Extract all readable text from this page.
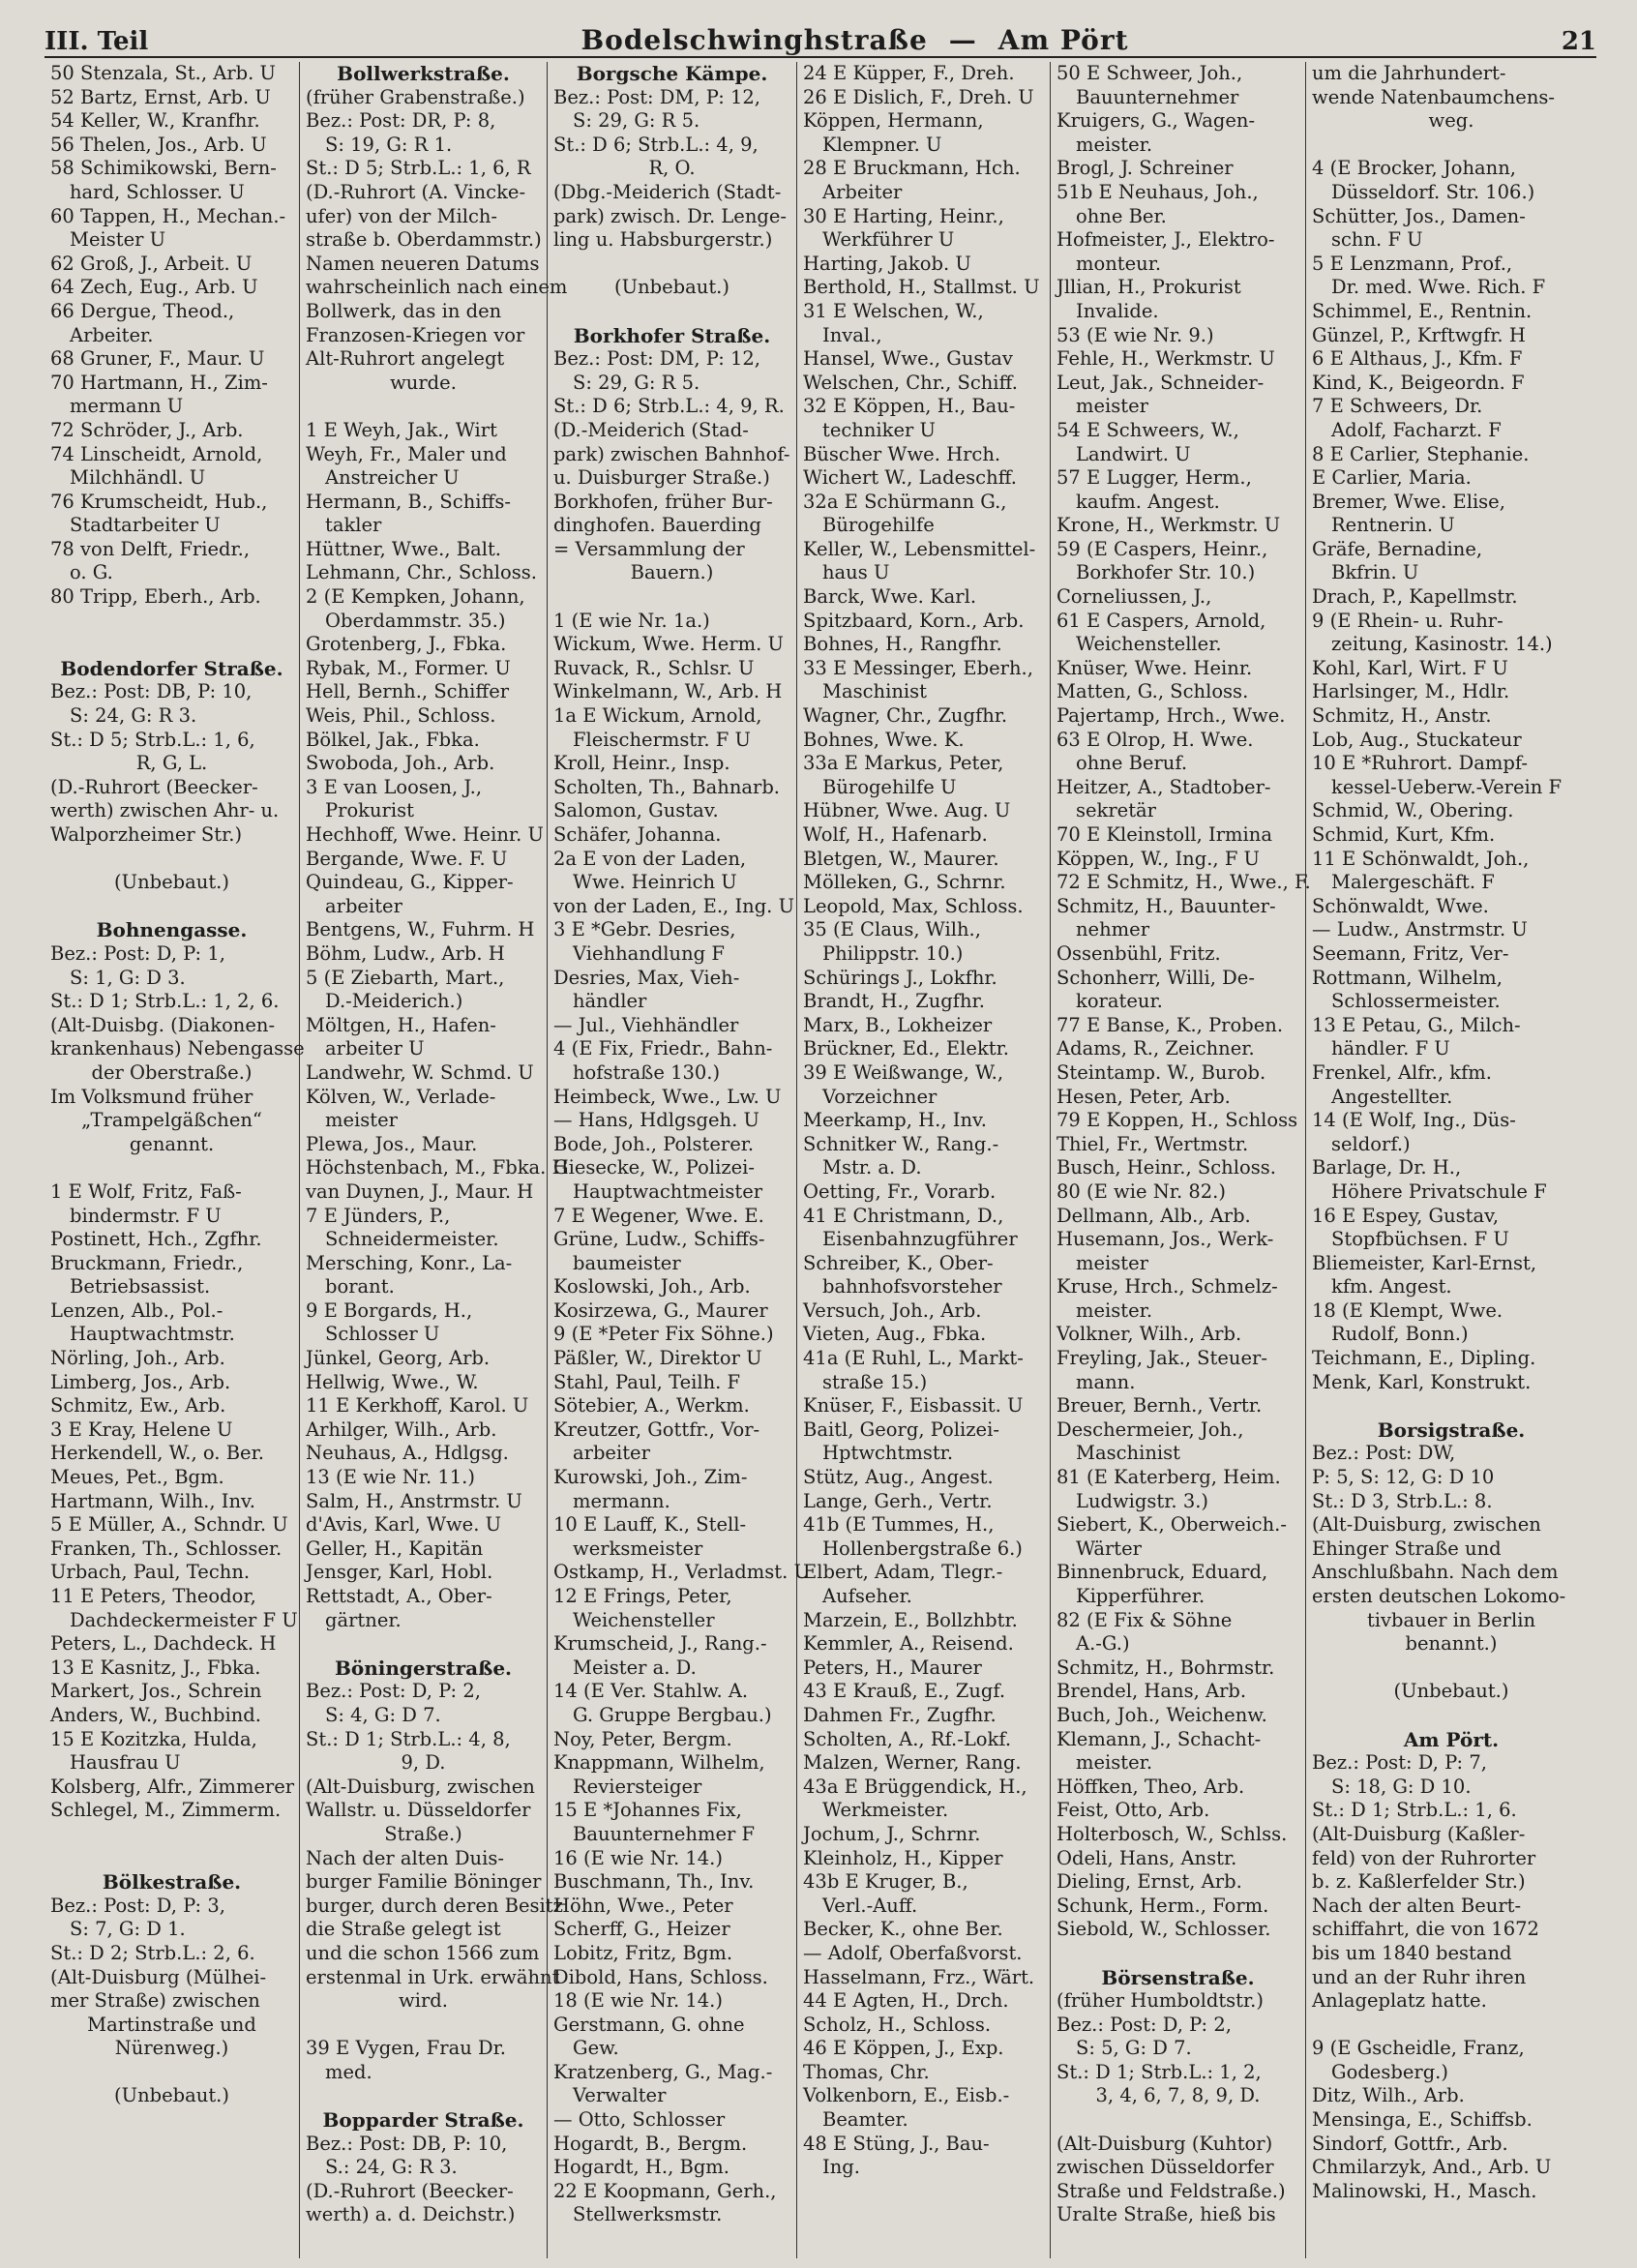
III. Teil	Bodelschwinghstraße — Am Pört	21
50 Stenzala, St., Arb. U
52 Bartz, Ernst, Arb. U
54 Keller, W., Kranfhr.
56 Thelen, Jos., Arb. U
58 Schimikowski, Bern-
hard, Schlosser. U
60 Tappen, H., Mechan.-
Meister U
62 Groß, J., Arbeit. U
64 Zech, Eug., Arb. U
66 Dergue, Theod.,
Arbeiter.
68 Gruner, F., Maur. U
70 Hartmann, H., Zim-
mermann U
72 Schröder, J., Arb.
74 Linscheidt, Arnold,
Milchhändl. U
76 Krumscheidt, Hub.,
Stadtarbeiter U
78 von Delft, Friedr.,
o. G.
80 Tripp, Eberh., Arb.
Bodendorfer Straße.
Bez.: Post: DB, P: 10,
S: 24, G: R 3.
St.: D 5; Strb.L.: 1, 6,
R, G, L.
(D.-Ruhrort (Beecker-
werth) zwischen Ahr- u.
Walporzheimer Str.)
(Unbebaut.)
Bohnengasse.
Bez.: Post: D, P: 1,
S: 1, G: D 3.
St.: D 1; Strb.L.: 1, 2, 6.
(Alt-Duisbg. (Diakonen-
krankenhaus) Nebengasse
der Oberstraße.)
Im Volksmund früher
„Trampelgäßchen“
genannt.
1 E Wolf, Fritz, Faß-
bindermstr. F U
Postinett, Hch., Zgfhr.
Bruckmann, Friedr.,
Betriebsassist.
Lenzen, Alb., Pol.-
Hauptwachtmstr.
Nörling, Joh., Arb.
Limberg, Jos., Arb.
Schmitz, Ew., Arb.
3 E Kray, Helene U
Herkendell, W., o. Ber.
Meues, Pet., Bgm.
Hartmann, Wilh., Inv.
5 E Müller, A., Schndr. U
Franken, Th., Schlosser.
Urbach, Paul, Techn.
11 E Peters, Theodor,
Dachdeckermeister F U
Peters, L., Dachdeck. H
13 E Kasnitz, J., Fbka.
Markert, Jos., Schrein
Anders, W., Buchbind.
15 E Kozitzka, Hulda,
Hausfrau U
Kolsberg, Alfr., Zimmerer
Schlegel, M., Zimmerm.
Bölkestraße.
Bez.: Post: D, P: 3,
S: 7, G: D 1.
St.: D 2; Strb.L.: 2, 6.
(Alt-Duisburg (Mülhei-
mer Straße) zwischen
Martinstraße und
Nürenweg.)
(Unbebaut.)
Bollwerkstraße.
(früher Grabenstraße.)
Bez.: Post: DR, P: 8,
S: 19, G: R 1.
St.: D 5; Strb.L.: 1, 6, R
(D.-Ruhrort (A. Vincke-
ufer) von der Milch-
straße b. Oberdammstr.)
Namen neueren Datums
wahrscheinlich nach einem
Bollwerk, das in den
Franzosen-Kriegen vor
Alt-Ruhrort angelegt
wurde.
1 E Weyh, Jak., Wirt
Weyh, Fr., Maler und
Anstreicher U
Hermann, B., Schiffs-
takler
Hüttner, Wwe., Balt.
Lehmann, Chr., Schloss.
2 (E Kempken, Johann,
Oberdammstr. 35.)
Grotenberg, J., Fbka.
Rybak, M., Former. U
Hell, Bernh., Schiffer
Weis, Phil., Schloss.
Bölkel, Jak., Fbka.
Swoboda, Joh., Arb.
3 E van Loosen, J.,
Prokurist
Hechhoff, Wwe. Heinr. U
Bergande, Wwe. F. U
Quindeau, G., Kipper-
arbeiter
Bentgens, W., Fuhrm. H
Böhm, Ludw., Arb. H
5 (E Ziebarth, Mart.,
D.-Meiderich.)
Möltgen, H., Hafen-
arbeiter U
Landwehr, W. Schmd. U
Kölven, W., Verlade-
meister
Plewa, Jos., Maur.
Höchstenbach, M., Fbka. H
van Duynen, J., Maur. H
7 E Jünders, P.,
Schneidermeister.
Mersching, Konr., La-
borant.
9 E Borgards, H.,
Schlosser U
Jünkel, Georg, Arb.
Hellwig, Wwe., W.
11 E Kerkhoff, Karol. U
Arhilger, Wilh., Arb.
Neuhaus, A., Hdlgsg.
13 (E wie Nr. 11.)
Salm, H., Anstrmstr. U
d'Avis, Karl, Wwe. U
Geller, H., Kapitän
Jensger, Karl, Hobl.
Rettstadt, A., Ober-
gärtner.
Böningerstraße.
Bez.: Post: D, P: 2,
S: 4, G: D 7.
St.: D 1; Strb.L.: 4, 8,
9, D.
(Alt-Duisburg, zwischen
Wallstr. u. Düsseldorfer
Straße.)
Nach der alten Duis-
burger Familie Böninger
burger, durch deren Besitz
die Straße gelegt ist
und die schon 1566 zum
erstenmal in Urk. erwähnt
wird.
39 E Vygen, Frau Dr.
med.
Bopparder Straße.
Bez.: Post: DB, P: 10,
S.: 24, G: R 3.
(D.-Ruhrort (Beecker-
werth) a. d. Deichstr.)
Borgsche Kämpe.
Bez.: Post: DM, P: 12,
S: 29, G: R 5.
St.: D 6; Strb.L.: 4, 9,
R, O.
(Dbg.-Meiderich (Stadt-
park) zwisch. Dr. Lenge-
ling u. Habsburgerstr.)
(Unbebaut.)
Borkhofer Straße.
Bez.: Post: DM, P: 12,
S: 29, G: R 5.
St.: D 6; Strb.L.: 4, 9, R.
(D.-Meiderich (Stad-
park) zwischen Bahnhof-
u. Duisburger Straße.)
Borkhofen, früher Bur-
dinghofen. Bauerding
= Versammlung der
Bauern.)
1 (E wie Nr. 1a.)
Wickum, Wwe. Herm. U
Ruvack, R., Schlsr. U
Winkelmann, W., Arb. H
1a E Wickum, Arnold,
Fleischermstr. F U
Kroll, Heinr., Insp.
Scholten, Th., Bahnarb.
Salomon, Gustav.
Schäfer, Johanna.
2a E von der Laden,
Wwe. Heinrich U
von der Laden, E., Ing. U
3 E *Gebr. Desries,
Viehhandlung F
Desries, Max, Vieh-
händler
— Jul., Viehhändler
4 (E Fix, Friedr., Bahn-
hofstraße 130.)
Heimbeck, Wwe., Lw. U
— Hans, Hdlgsgeh. U
Bode, Joh., Polsterer.
Giesecke, W., Polizei-
Hauptwachtmeister
7 E Wegener, Wwe. E.
Grüne, Ludw., Schiffs-
baumeister
Koslowski, Joh., Arb.
Kosirzewa, G., Maurer
9 (E *Peter Fix Söhne.)
Päßler, W., Direktor U
Stahl, Paul, Teilh. F
Sötebier, A., Werkm.
Kreutzer, Gottfr., Vor-
arbeiter
Kurowski, Joh., Zim-
mermann.
10 E Lauff, K., Stell-
werksmeister
Ostkamp, H., Verladmst. U
12 E Frings, Peter,
Weichensteller
Krumscheid, J., Rang.-
Meister a. D.
14 (E Ver. Stahlw. A.
G. Gruppe Bergbau.)
Noy, Peter, Bergm.
Knappmann, Wilhelm,
Reviersteiger
15 E *Johannes Fix,
Bauunternehmer F
16 (E wie Nr. 14.)
Buschmann, Th., Inv.
Höhn, Wwe., Peter
Scherff, G., Heizer
Lobitz, Fritz, Bgm.
Dibold, Hans, Schloss.
18 (E wie Nr. 14.)
Gerstmann, G. ohne
Gew.
Kratzenberg, G., Mag.-
Verwalter
— Otto, Schlosser
Hogardt, B., Bergm.
Hogardt, H., Bgm.
22 E Koopmann, Gerh.,
Stellwerksmstr.
24 E Küpper, F., Dreh.
26 E Dislich, F., Dreh. U
Köppen, Hermann,
Klempner. U
28 E Bruckmann, Hch.
Arbeiter
30 E Harting, Heinr.,
Werkführer U
Harting, Jakob. U
Berthold, H., Stallmst. U
31 E Welschen, W.,
Inval.,
Hansel, Wwe., Gustav
Welschen, Chr., Schiff.
32 E Köppen, H., Bau-
techniker U
Büscher Wwe. Hrch.
Wichert W., Ladeschff.
32a E Schürmann G.,
Bürogehilfe
Keller, W., Lebensmittel-
haus U
Barck, Wwe. Karl.
Spitzbaard, Korn., Arb.
Bohnes, H., Rangfhr.
33 E Messinger, Eberh.,
Maschinist
Wagner, Chr., Zugfhr.
Bohnes, Wwe. K.
33a E Markus, Peter,
Bürogehilfe U
Hübner, Wwe. Aug. U
Wolf, H., Hafenarb.
Bletgen, W., Maurer.
Mölleken, G., Schrnr.
Leopold, Max, Schloss.
35 (E Claus, Wilh.,
Philippstr. 10.)
Schürings J., Lokfhr.
Brandt, H., Zugfhr.
Marx, B., Lokheizer
Brückner, Ed., Elektr.
39 E Weißwange, W.,
Vorzeichner
Meerkamp, H., Inv.
Schnitker W., Rang.-
Mstr. a. D.
Oetting, Fr., Vorarb.
41 E Christmann, D.,
Eisenbahnzugführer
Schreiber, K., Ober-
bahnhofsvorsteher
Versuch, Joh., Arb.
Vieten, Aug., Fbka.
41a (E Ruhl, L., Markt-
straße 15.)
Knüser, F., Eisbassit. U
Baitl, Georg, Polizei-
Hptwchtmstr.
Stütz, Aug., Angest.
Lange, Gerh., Vertr.
41b (E Tummes, H.,
Hollenbergstraße 6.)
Elbert, Adam, Tlegr.-
Aufseher.
Marzein, E., Bollzhbtr.
Kemmler, A., Reisend.
Peters, H., Maurer
43 E Krauß, E., Zugf.
Dahmen Fr., Zugfhr.
Scholten, A., Rf.-Lokf.
Malzen, Werner, Rang.
43a E Brüggendick, H.,
Werkmeister.
Jochum, J., Schrnr.
Kleinholz, H., Kipper
43b E Kruger, B.,
Verl.-Auff.
Becker, K., ohne Ber.
— Adolf, Oberfaßvorst.
Hasselmann, Frz., Wärt.
44 E Agten, H., Drch.
Scholz, H., Schloss.
46 E Köppen, J., Exp.
Thomas, Chr.
Volkenborn, E., Eisb.-
Beamter.
48 E Stüng, J., Bau-
Ing.
50 E Schweer, Joh.,
Bauunternehmer
Kruigers, G., Wagen-
meister.
Brogl, J. Schreiner
51b E Neuhaus, Joh.,
ohne Ber.
Hofmeister, J., Elektro-
monteur.
Jllian, H., Prokurist
Invalide.
53 (E wie Nr. 9.)
Fehle, H., Werkmstr. U
Leut, Jak., Schneider-
meister
54 E Schweers, W.,
Landwirt. U
57 E Lugger, Herm.,
kaufm. Angest.
Krone, H., Werkmstr. U
59 (E Caspers, Heinr.,
Borkhofer Str. 10.)
Corneliussen, J.,
61 E Caspers, Arnold,
Weichensteller.
Knüser, Wwe. Heinr.
Matten, G., Schloss.
Pajertamp, Hrch., Wwe.
63 E Olrop, H. Wwe.
ohne Beruf.
Heitzer, A., Stadtober-
sekretär
70 E Kleinstoll, Irmina
Köppen, W., Ing., F U
72 E Schmitz, H., Wwe., F.
Schmitz, H., Bauunter-
nehmer
Ossenbühl, Fritz.
Schonherr, Willi, De-
korateur.
77 E Banse, K., Proben.
Adams, R., Zeichner.
Steintamp. W., Burob.
Hesen, Peter, Arb.
79 E Koppen, H., Schloss
Thiel, Fr., Wertmstr.
Busch, Heinr., Schloss.
80 (E wie Nr. 82.)
Dellmann, Alb., Arb.
Husemann, Jos., Werk-
meister
Kruse, Hrch., Schmelz-
meister.
Volkner, Wilh., Arb.
Freyling, Jak., Steuer-
mann.
Breuer, Bernh., Vertr.
Deschermeier, Joh.,
Maschinist
81 (E Katerberg, Heim.
Ludwigstr. 3.)
Siebert, K., Oberweich.-
Wärter
Binnenbruck, Eduard,
Kipperführer.
82 (E Fix & Söhne
A.-G.)
Schmitz, H., Bohrmstr.
Brendel, Hans, Arb.
Buch, Joh., Weichenw.
Klemann, J., Schacht-
meister.
Höffken, Theo, Arb.
Feist, Otto, Arb.
Holterbosch, W., Schlss.
Odeli, Hans, Anstr.
Dieling, Ernst, Arb.
Schunk, Herm., Form.
Siebold, W., Schlosser.
Börsenstraße.
(früher Humboldtstr.)
Bez.: Post: D, P: 2,
S: 5, G: D 7.
St.: D 1; Strb.L.: 1, 2,
3, 4, 6, 7, 8, 9, D.
(Alt-Duisburg (Kuhtor)
zwischen Düsseldorfer
Straße und Feldstraße.)
Uralte Straße, hieß bis
um die Jahrhundert-
wende Natenbaumchens-
weg.
4 (E Brocker, Johann,
Düsseldorf. Str. 106.)
Schütter, Jos., Damen-
schn. F U
5 E Lenzmann, Prof.,
Dr. med. Wwe. Rich. F
Schimmel, E., Rentnin.
Günzel, P., Krftwgfr. H
6 E Althaus, J., Kfm. F
Kind, K., Beigeordn. F
7 E Schweers, Dr.
Adolf, Facharzt. F
8 E Carlier, Stephanie.
E Carlier, Maria.
Bremer, Wwe. Elise,
Rentnerin. U
Gräfe, Bernadine,
Bkfrin. U
Drach, P., Kapellmstr.
9 (E Rhein- u. Ruhr-
zeitung, Kasinostr. 14.)
Kohl, Karl, Wirt. F U
Harlsinger, M., Hdlr.
Schmitz, H., Anstr.
Lob, Aug., Stuckateur
10 E *Ruhrort. Dampf-
kessel-Ueberw.-Verein F
Schmid, W., Obering.
Schmid, Kurt, Kfm.
11 E Schönwaldt, Joh.,
Malergeschäft. F
Schönwaldt, Wwe.
— Ludw., Anstrmstr. U
Seemann, Fritz, Ver-
Rottmann, Wilhelm,
Schlossermeister.
13 E Petau, G., Milch-
händler. F U
Frenkel, Alfr., kfm.
Angestellter.
14 (E Wolf, Ing., Düs-
seldorf.)
Barlage, Dr. H.,
Höhere Privatschule F
16 E Espey, Gustav,
Stopfbüchsen. F U
Bliemeister, Karl-Ernst,
kfm. Angest.
18 (E Klempt, Wwe.
Rudolf, Bonn.)
Teichmann, E., Dipling.
Menk, Karl, Konstrukt.
Borsigstraße.
Bez.: Post: DW,
P: 5, S: 12, G: D 10
St.: D 3, Strb.L.: 8.
(Alt-Duisburg, zwischen
Ehinger Straße und
Anschlußbahn. Nach dem
ersten deutschen Lokomo-
tivbauer in Berlin
benannt.)
(Unbebaut.)
Am Pört.
Bez.: Post: D, P: 7,
S: 18, G: D 10.
St.: D 1; Strb.L.: 1, 6.
(Alt-Duisburg (Kaßler-
feld) von der Ruhrorter
b. z. Kaßlerfelder Str.)
Nach der alten Beurt-
schiffahrt, die von 1672
bis um 1840 bestand
und an der Ruhr ihren
Anlageplatz hatte.
9 (E Gscheidle, Franz,
Godesberg.)
Ditz, Wilh., Arb.
Mensinga, E., Schiffsb.
Sindorf, Gottfr., Arb.
Chmilarzyk, And., Arb. U
Malinowski, H., Masch.
